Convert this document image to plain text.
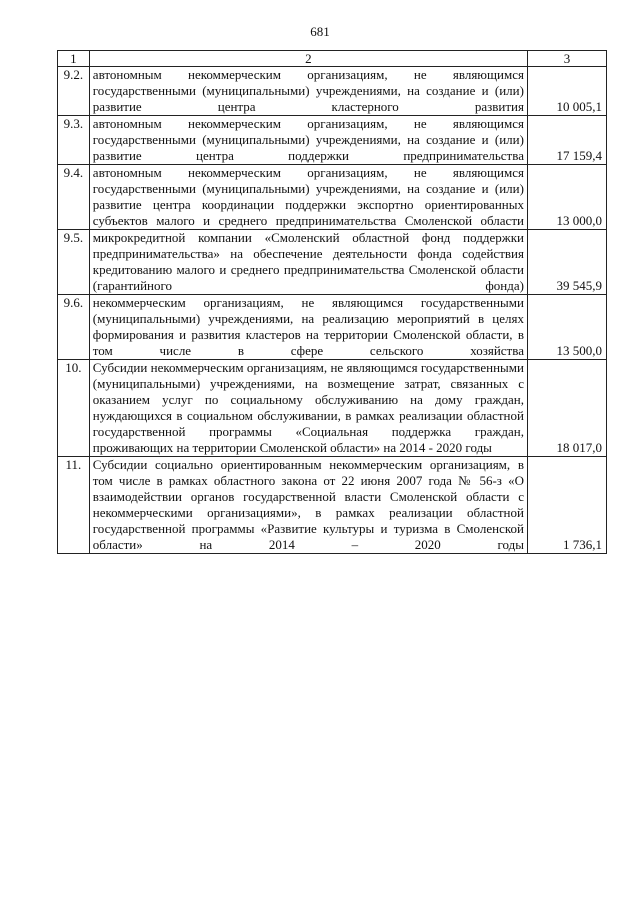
681
1	2	3
9.2.	автономным некоммерческим организациям, не являющимся государственными (муниципальными) учреждениями, на создание и (или) развитие центра кластерного развития	10 005,1
9.3.	автономным некоммерческим организациям, не являющимся государственными (муниципальными) учреждениями, на создание и (или) развитие центра поддержки предпринимательства	17 159,4
9.4.	автономным некоммерческим организациям, не являющимся государственными (муниципальными) учреждениями, на создание и (или) развитие центра координации поддержки экспортно ориентированных субъектов малого и среднего предпринимательства Смоленской области	13 000,0
9.5.	микрокредитной компании «Смоленский областной фонд поддержки предпринимательства» на обеспечение деятельности фонда содействия кредитованию малого и среднего предпринимательства Смоленской области (гарантийного фонда)	39 545,9
9.6.	некоммерческим организациям, не являющимся государственными (муниципальными) учреждениями, на реализацию мероприятий в целях формирования и развития кластеров на территории Смоленской области, в том числе в сфере сельского хозяйства	13 500,0
10.	Субсидии некоммерческим организациям, не являющимся государственными (муниципальными) учреждениями, на возмещение затрат, связанных с оказанием услуг по социальному обслуживанию на дому граждан, нуждающихся в социальном обслуживании, в рамках реализации областной государственной программы «Социальная поддержка граждан, проживающих на территории Смоленской области» на 2014 - 2020 годы	18 017,0
11.	Субсидии социально ориентированным некоммерческим организациям, в том числе в рамках областного закона от 22 июня 2007 года № 56-з «О взаимодействии органов государственной власти Смоленской области с некоммерческими организациями», в рамках реализации областной государственной программы «Развитие культуры и туризма в Смоленской области» на 2014 – 2020 годы	1 736,1
